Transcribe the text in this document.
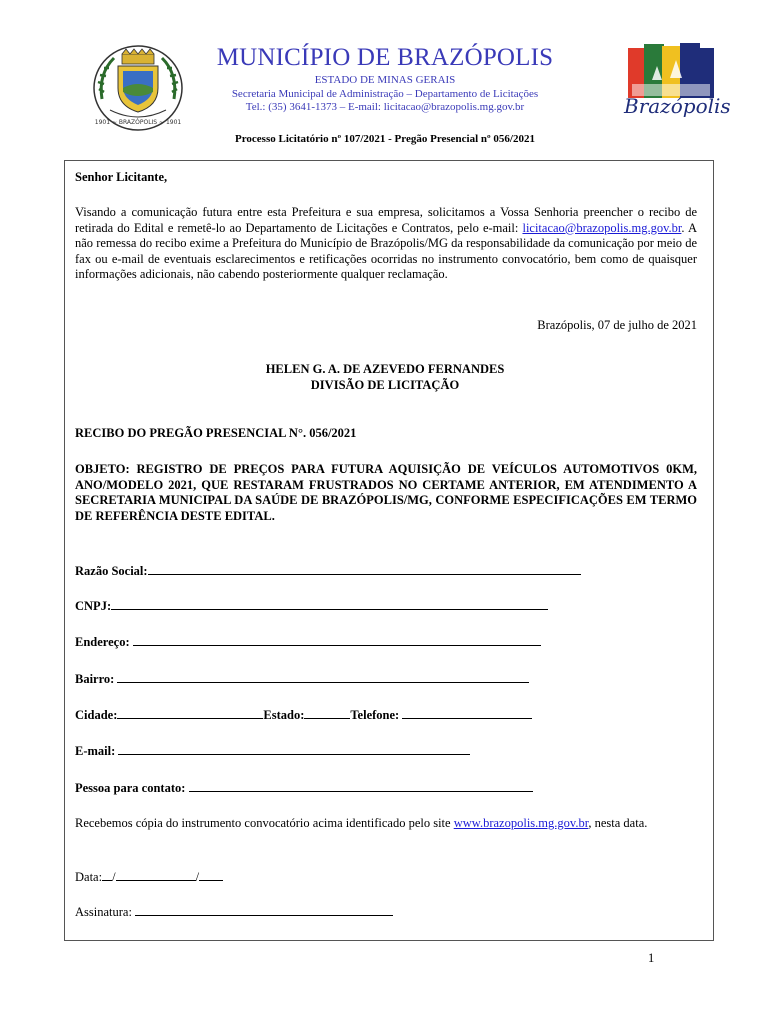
1901 ~ BRAZÓPOLIS ~ 1901
Brazópolis
MUNICÍPIO DE BRAZÓPOLIS
ESTADO DE MINAS GERAIS
Secretaria Municipal de Administração – Departamento de Licitações
Tel.: (35) 3641-1373 – E-mail: licitacao@brazopolis.mg.gov.br
Processo Licitatório nº 107/2021 - Pregão Presencial nº 056/2021
Senhor Licitante,
Visando a comunicação futura entre esta Prefeitura e sua empresa, solicitamos a Vossa Senhoria preencher o recibo de retirada do Edital e remetê-lo ao Departamento de Licitações e Contratos, pelo e-mail: licitacao@brazopolis.mg.gov.br. A não remessa do recibo exime a Prefeitura do Município de Brazópolis/MG da responsabilidade da comunicação por meio de fax ou e-mail de eventuais esclarecimentos e retificações ocorridas no instrumento convocatório, bem como de quaisquer informações adicionais, não cabendo posteriormente qualquer reclamação.
Brazópolis, 07 de julho de 2021
HELEN G. A. DE AZEVEDO FERNANDES
DIVISÃO DE LICITAÇÃO
RECIBO DO PREGÃO PRESENCIAL N°. 056/2021
OBJETO: REGISTRO DE PREÇOS PARA FUTURA AQUISIÇÃO DE VEÍCULOS AUTOMOTIVOS 0KM, ANO/MODELO 2021, QUE RESTARAM FRUSTRADOS NO CERTAME ANTERIOR, EM ATENDIMENTO A SECRETARIA MUNICIPAL DA SAÚDE DE BRAZÓPOLIS/MG, CONFORME ESPECIFICAÇÕES EM TERMO DE REFERÊNCIA DESTE EDITAL.
Razão Social:
CNPJ:
Endereço:
Bairro:
Cidade:	Estado:	Telefone:
E-mail:
Pessoa para contato:
Recebemos cópia do instrumento convocatório acima identificado pelo site www.brazopolis.mg.gov.br, nesta data.
Data: /	/
Assinatura:
1
